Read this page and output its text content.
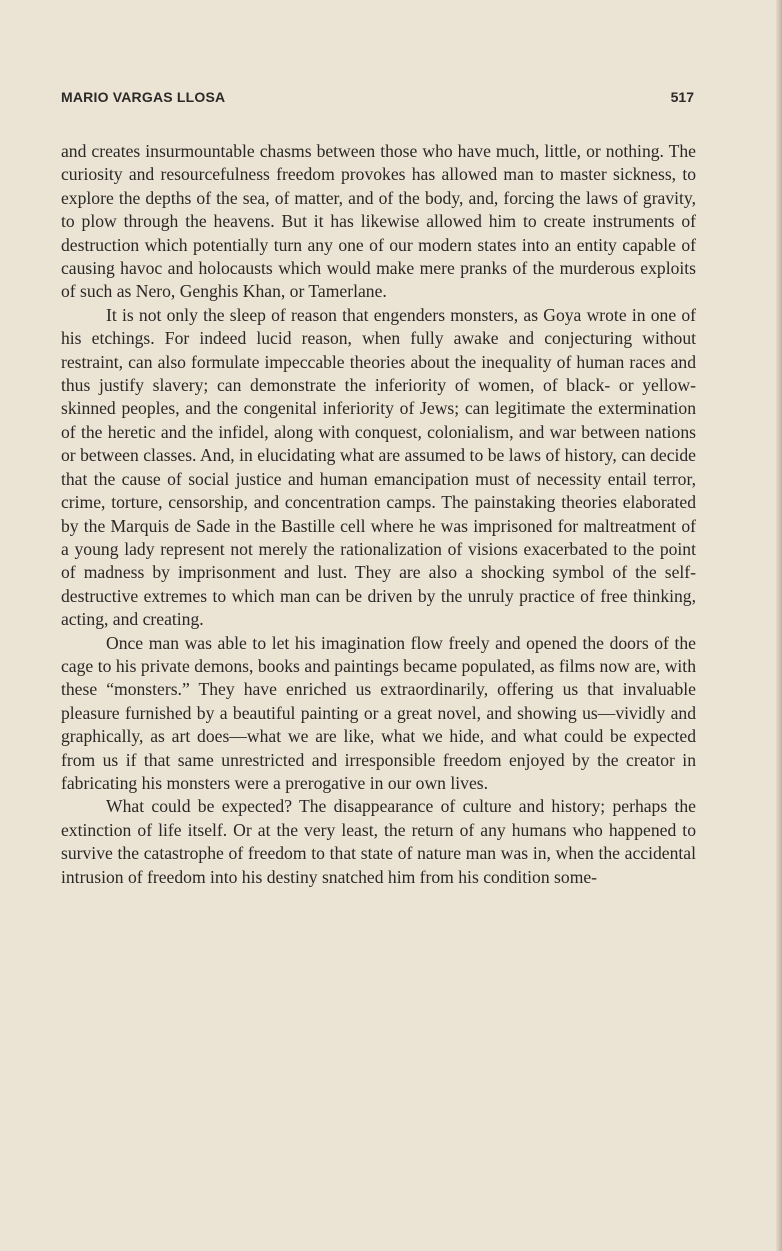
MARIO VARGAS LLOSA	517

and creates insurmountable chasms between those who have much, little, or nothing. The curiosity and resourcefulness freedom provokes has allowed man to master sickness, to explore the depths of the sea, of matter, and of the body, and, forcing the laws of gravity, to plow through the heavens. But it has likewise allowed him to create instruments of destruction which potentially turn any one of our modern states into an entity capable of causing havoc and holocausts which would make mere pranks of the murderous exploits of such as Nero, Genghis Khan, or Tamerlane.

It is not only the sleep of reason that engenders monsters, as Goya wrote in one of his etchings. For indeed lucid reason, when fully awake and conjecturing without restraint, can also formulate impeccable theories about the inequality of human races and thus justify slavery; can demonstrate the inferiority of women, of black- or yellow-skinned peoples, and the congenital inferiority of Jews; can legitimate the extermination of the heretic and the infidel, along with conquest, colonialism, and war between nations or between classes. And, in elucidating what are assumed to be laws of history, can decide that the cause of social justice and human emancipation must of necessity entail terror, crime, torture, censorship, and concentration camps. The painstaking theories elaborated by the Marquis de Sade in the Bastille cell where he was imprisoned for maltreatment of a young lady represent not merely the rationalization of visions exacerbated to the point of madness by imprisonment and lust. They are also a shocking symbol of the self-destructive extremes to which man can be driven by the unruly practice of free thinking, acting, and creating.

Once man was able to let his imagination flow freely and opened the doors of the cage to his private demons, books and paintings became populated, as films now are, with these “monsters.” They have enriched us extraordinarily, offering us that invaluable pleasure furnished by a beautiful painting or a great novel, and showing us—vividly and graphically, as art does—what we are like, what we hide, and what could be expected from us if that same unrestricted and irresponsible freedom enjoyed by the creator in fabricating his monsters were a prerogative in our own lives.

What could be expected? The disappearance of culture and history; perhaps the extinction of life itself. Or at the very least, the return of any humans who happened to survive the catastrophe of freedom to that state of nature man was in, when the accidental intrusion of freedom into his destiny snatched him from his condition some-
